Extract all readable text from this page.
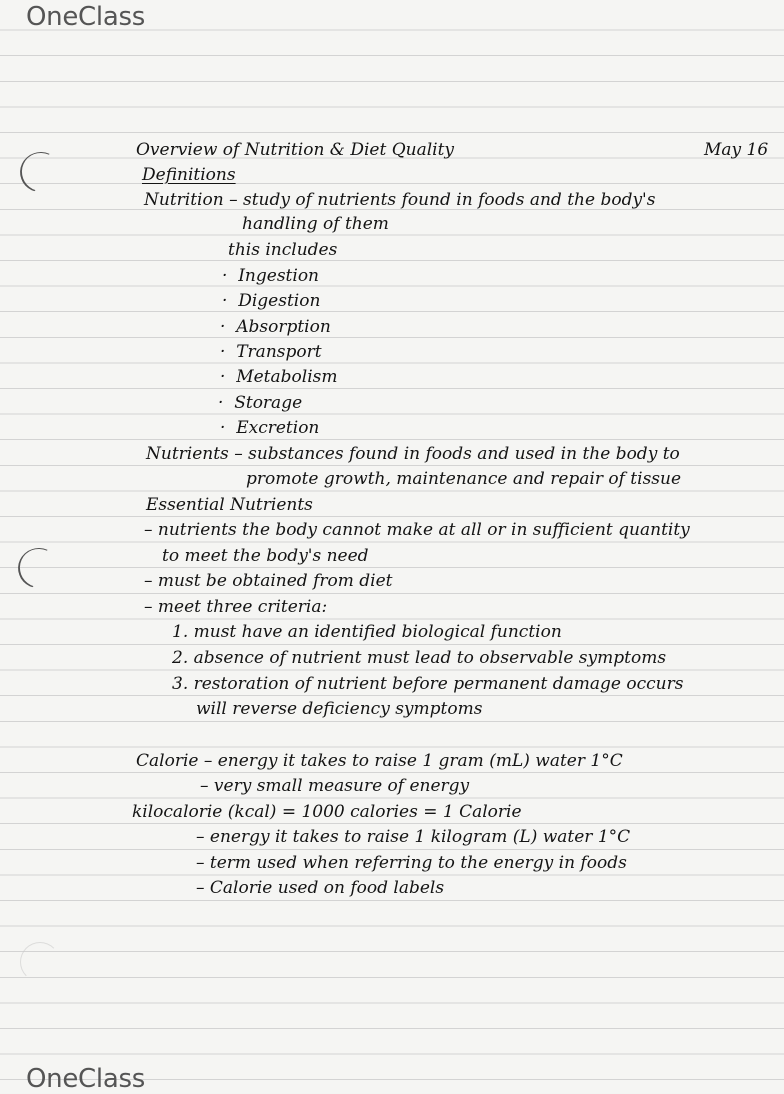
OneClass
Overview of Nutrition & Diet Quality	May 16
Definitions
Nutrition – study of nutrients found in foods and the body's
handling of them
this includes
·  Ingestion
·  Digestion
·  Absorption
·  Transport
·  Metabolism
·  Storage
·  Excretion
Nutrients – substances found in foods and used in the body to
promote growth, maintenance and repair of tissue
Essential Nutrients
– nutrients the body cannot make at all or in sufficient quantity
to meet the body's need
– must be obtained from diet
– meet three criteria:
1. must have an identified biological function
2. absence of nutrient must lead to observable symptoms
3. restoration of nutrient before permanent damage occurs
will reverse deficiency symptoms
Calorie – energy it takes to raise 1 gram (mL) water 1°C
– very small measure of energy
kilocalorie (kcal) = 1000 calories = 1 Calorie
– energy it takes to raise 1 kilogram (L) water 1°C
– term used when referring to the energy in foods
– Calorie used on food labels
OneClass
